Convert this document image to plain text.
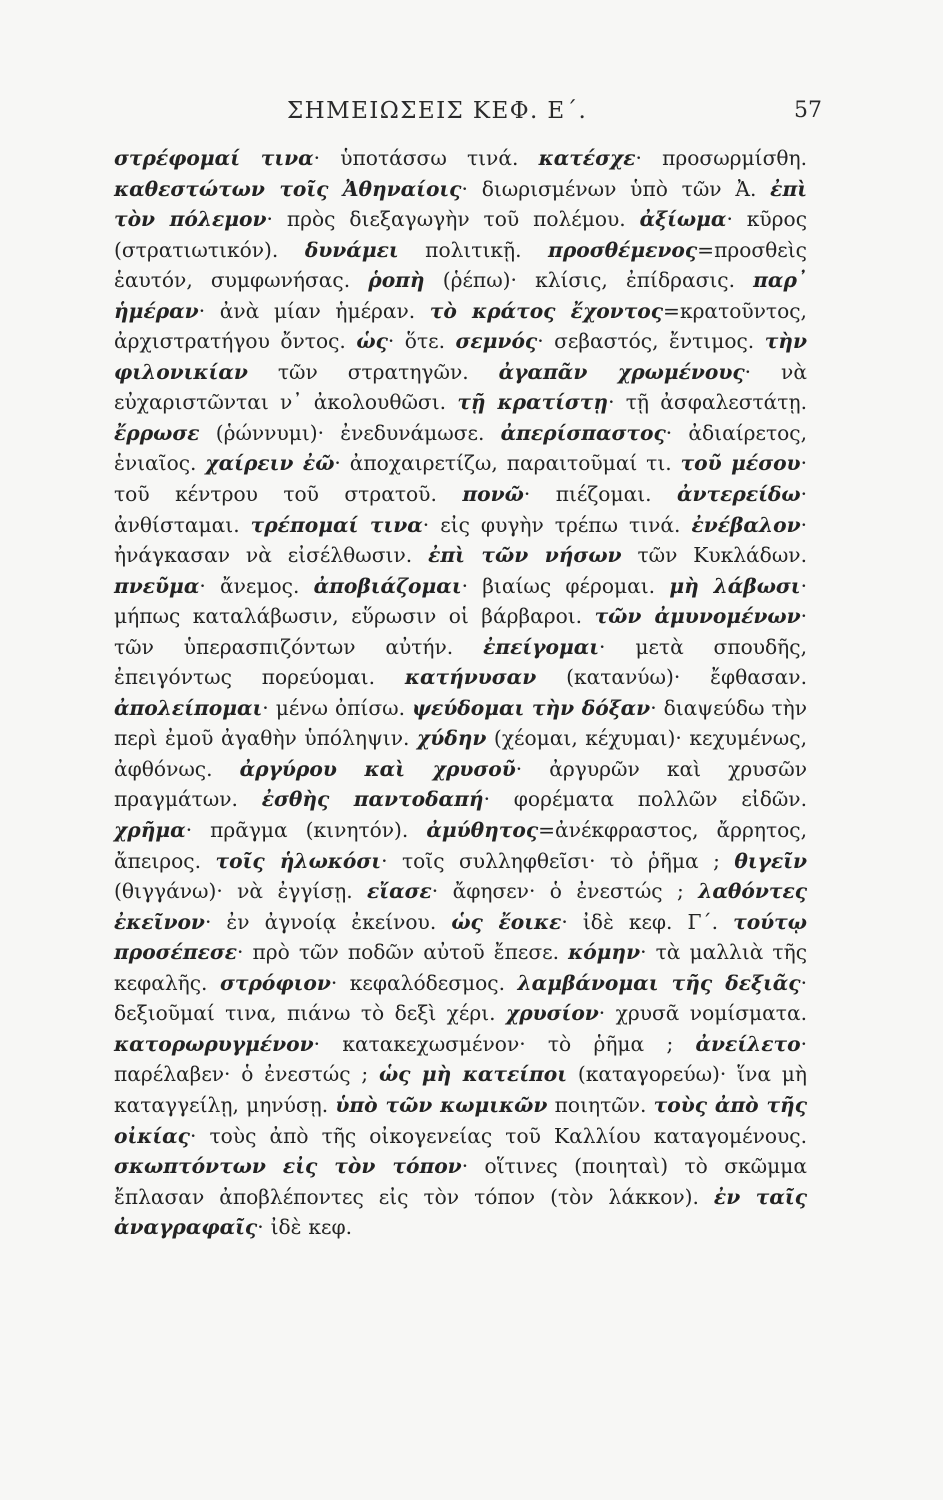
ΣΗΜΕΙΩΣΕΙΣ ΚΕΦ. Ε΄.	57
στρέφομαί τινα· ὑποτάσσω τινά. κατέσχε· προσωρμίσθη. καθεστώτων τοῖς Ἀθηναίοις· διωρισμένων ὑπὸ τῶν Ἀ. ἐπὶ τὸν πόλεμον· πρὸς διεξαγωγὴν τοῦ πολέμου. ἀξίωμα· κῦρος (στρατιωτικόν). δυνάμει πολιτικῇ. προσθέμενος=προσθεὶς ἑαυτόν, συμφωνήσας. ῥοπὴ (ῥέπω)· κλίσις, ἐπίδρασις. παρ᾽ ἡμέραν· ἀνὰ μίαν ἡμέραν. τὸ κράτος ἔχοντος=κρατοῦντος, ἀρχιστρατήγου ὄντος. ὡς· ὅτε. σεμνός· σεβαστός, ἔντιμος. τὴν φιλονικίαν τῶν στρατηγῶν. ἀγαπᾶν χρωμένους· νὰ εὐχαριστῶνται ν᾽ ἀκολουθῶσι. τῇ κρατίστῃ· τῇ ἀσφαλεστάτῃ. ἔρρωσε (ῥώννυμι)· ἐνεδυνάμωσε. ἀπερίσπαστος· ἀδιαίρετος, ἑνιαῖος. χαίρειν ἐῶ· ἀποχαιρετίζω, παραιτοῦμαί τι. τοῦ μέσου· τοῦ κέντρου τοῦ στρατοῦ. πονῶ· πιέζομαι. ἀντερείδω· ἀνθίσταμαι. τρέπομαί τινα· εἰς φυγὴν τρέπω τινά. ἐνέβαλον· ἠνάγκασαν νὰ εἰσέλθωσιν. ἐπὶ τῶν νήσων τῶν Κυκλάδων. πνεῦμα· ἄνεμος. ἀποβιάζομαι· βιαίως φέρομαι. μὴ λάβωσι· μήπως καταλάβωσιν, εὕρωσιν οἱ βάρβαροι. τῶν ἀμυνομένων· τῶν ὑπερασπιζόντων αὐτήν. ἐπείγομαι· μετὰ σπουδῆς, ἐπειγόντως πορεύομαι. κατήνυσαν (κατανύω)· ἔφθασαν. ἀπολείπομαι· μένω ὀπίσω. ψεύδομαι τὴν δόξαν· διαψεύδω τὴν περὶ ἐμοῦ ἀγαθὴν ὑπόληψιν. χύδην (χέομαι, κέχυμαι)· κεχυμένως, ἀφθόνως. ἀργύρου καὶ χρυσοῦ· ἀργυρῶν καὶ χρυσῶν πραγμάτων. ἐσθὴς παντοδαπή· φορέματα πολλῶν εἰδῶν. χρῆμα· πρᾶγμα (κινητόν). ἀμύθητος=ἀνέκφραστος, ἄρρητος, ἄπειρος. τοῖς ἡλωκόσι· τοῖς συλληφθεῖσι· τὸ ῥῆμα ; θιγεῖν (θιγγάνω)· νὰ ἐγγίσῃ. εἴασε· ἄφησεν· ὁ ἐνεστώς ; λαθόντες ἐκεῖνον· ἐν ἀγνοίᾳ ἐκείνου. ὡς ἔοικε· ἰδὲ κεφ. Γ΄. τούτῳ προσέπεσε· πρὸ τῶν ποδῶν αὐτοῦ ἔπεσε. κόμην· τὰ μαλλιὰ τῆς κεφαλῆς. στρόφιον· κεφαλόδεσμος. λαμβάνομαι τῆς δεξιᾶς· δεξιοῦμαί τινα, πιάνω τὸ δεξὶ χέρι. χρυσίον· χρυσᾶ νομίσματα. κατορωρυγμένον· κατακεχωσμένον· τὸ ῥῆμα ; ἀνείλετο· παρέλαβεν· ὁ ἐνεστώς ; ὡς μὴ κατείποι (καταγορεύω)· ἵνα μὴ καταγγείλῃ, μηνύσῃ. ὑπὸ τῶν κωμικῶν ποιητῶν. τοὺς ἀπὸ τῆς οἰκίας· τοὺς ἀπὸ τῆς οἰκογενείας τοῦ Καλλίου καταγομένους. σκωπτόντων εἰς τὸν τόπον· οἵτινες (ποιηταὶ) τὸ σκῶμμα ἔπλασαν ἀποβλέποντες εἰς τὸν τόπον (τὸν λάκκον). ἐν ταῖς ἀναγραφαῖς· ἰδὲ κεφ.
